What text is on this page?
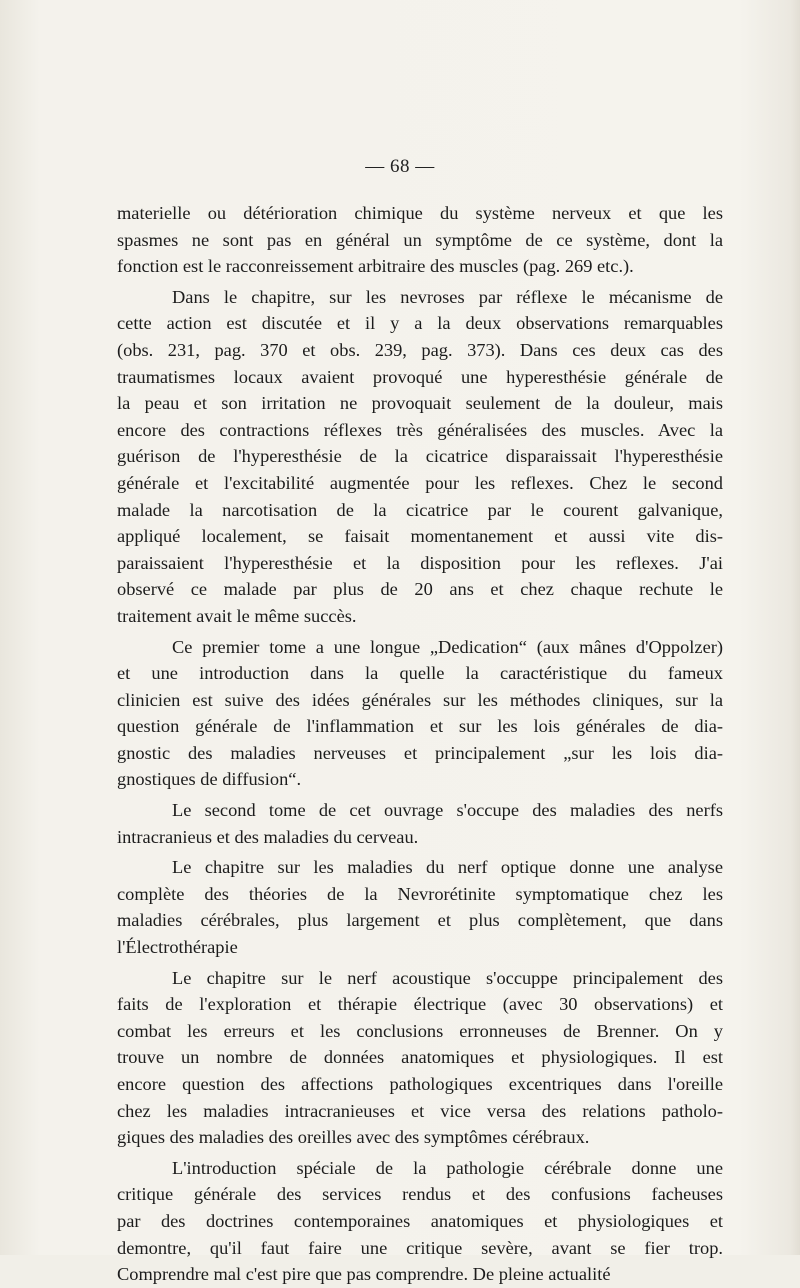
— 68 —
materielle ou détérioration chimique du système nerveux et que les
spasmes ne sont pas en général un symptôme de ce système, dont la
fonction est le racconreissement arbitraire des muscles (pag. 269 etc.).
Dans le chapitre, sur les nevroses par réflexe le mécanisme de
cette action est discutée et il y a la deux observations remarquables
(obs. 231, pag. 370 et obs. 239, pag. 373). Dans ces deux cas des
traumatismes locaux avaient provoqué une hyperesthésie générale de
la peau et son irritation ne provoquait seulement de la douleur, mais
encore des contractions réflexes très généralisées des muscles. Avec la
guérison de l'hyperesthésie de la cicatrice disparaissait l'hyperesthésie
générale et l'excitabilité augmentée pour les reflexes. Chez le second
malade la narcotisation de la cicatrice par le courent galvanique,
appliqué localement, se faisait momentanement et aussi vite dis-
paraissaient l'hyperesthésie et la disposition pour les reflexes. J'ai
observé ce malade par plus de 20 ans et chez chaque rechute le
traitement avait le même succès.
Ce premier tome a une longue „Dedication“ (aux mânes d'Oppolzer)
et une introduction dans la quelle la caractéristique du fameux
clinicien est suive des idées générales sur les méthodes cliniques, sur la
question générale de l'inflammation et sur les lois générales de dia-
gnostic des maladies nerveuses et principalement „sur les lois dia-
gnostiques de diffusion“.
Le second tome de cet ouvrage s'occupe des maladies des nerfs
intracranieus et des maladies du cerveau.
Le chapitre sur les maladies du nerf optique donne une analyse
complète des théories de la Nevrorétinite symptomatique chez les
maladies cérébrales, plus largement et plus complètement, que dans
l'Électrothérapie
Le chapitre sur le nerf acoustique s'occuppe principalement des
faits de l'exploration et thérapie électrique (avec 30 observations) et
combat les erreurs et les conclusions erronneuses de Brenner. On y
trouve un nombre de données anatomiques et physiologiques. Il est
encore question des affections pathologiques excentriques dans l'oreille
chez les maladies intracranieuses et vice versa des relations patholo-
giques des maladies des oreilles avec des symptômes cérébraux.
L'introduction spéciale de la pathologie cérébrale donne une
critique générale des services rendus et des confusions facheuses
par des doctrines contemporaines anatomiques et physiologiques et
demontre, qu'il faut faire une critique sevère, avant se fier trop.
Comprendre mal c'est pire que pas comprendre. De pleine actualité
